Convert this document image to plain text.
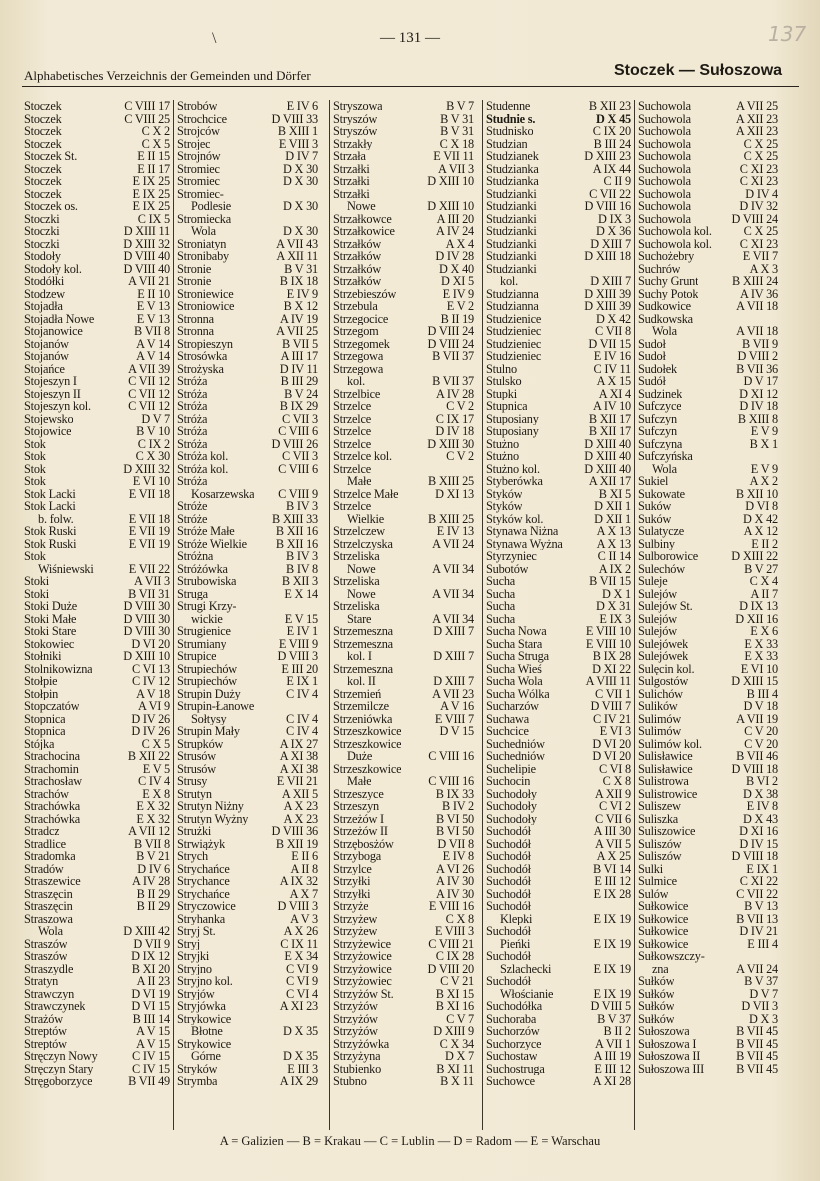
— 131 —
\	137
Alphabetisches Verzeichnis der Gemeinden und Dörfer	Stoczek — Sułoszowa
Stoczek	C VIII 17
Stoczek	C VIII 25
Stoczek	C X 2
Stoczek	C X 5
Stoczek St.	E II 15
Stoczek	E II 17
Stoczek	E IX 25
Stoczek	E IX 25
Stoczek os.	E IX 25
Stoczki	C IX 5
Stoczki	D XIII 11
Stoczki	D XIII 32
Stodoły	D VIII 40
Stodoły kol.	D VIII 40
Stodółki	A VII 21
Stodzew	E II 10
Stojadła	E V 13
Stojadła Nowe	E V 13
Stojanowice	B VII 8
Stojanów	A V 14
Stojanów	A V 14
Stojańce	A VII 39
Stojeszyn I	C VII 12
Stojeszyn II	C VII 12
Stojeszyn kol.	C VII 12
Stojewsko	D V 7
Stojowice	B V 10
Stok	C IX 2
Stok	C X 30
Stok	D XIII 32
Stok	E VI 10
Stok Lacki	E VII 18
Stok Lacki
b. folw.	E VII 18
Stok Ruski	E VII 19
Stok Ruski	E VII 19
Stok
Wiśniewski	E VII 22
Stoki	A VII 3
Stoki	B VII 31
Stoki Duże	D VIII 30
Stoki Małe	D VIII 30
Stoki Stare	D VIII 30
Stokowiec	D VI 20
Stołniki	D XIII 10
Stolnikowizna	C VI 13
Stołpie	C IV 12
Stołpin	A V 18
Stopczatów	A VI 9
Stopnica	D IV 26
Stopnica	D IV 26
Stójka	C X 5
Strachocina	B XII 22
Strachomin	E V 5
Strachosław	C IV 4
Strachów	E X 8
Strachówka	E X 32
Strachówka	E X 32
Stradcz	A VII 12
Stradlice	B VII 8
Stradomka	B V 21
Stradów	D IV 6
Straszewice	A IV 28
Straszęcin	B II 29
Straszęcin	B II 29
Straszowa
Wola	D XIII 42
Straszów	D VII 9
Straszów	D IX 12
Straszydle	B XI 20
Stratyn	A II 23
Strawczyn	D VI 19
Strawczynek	D VI 15
Strażów	B III 14
Streptów	A V 15
Streptów	A V 15
Stręczyn Nowy	C IV 15
Stręczyn Stary	C IV 15
Stręgoborzyce	B VII 49
Strobów	E IV 6
Strochcice	D VIII 33
Strojców	B XIII 1
Strojec	E VIII 3
Strojnów	D IV 7
Stromiec	D X 30
Stromiec	D X 30
Stromiec-
Podlesie	D X 30
Stromiecka
Wola	D X 30
Stroniatyn	A VII 43
Stronibaby	A XII 11
Stronie	B V 31
Stronie	B IX 18
Stroniewice	E IV 9
Stroniowice	B X 12
Stronna	A IV 19
Stronna	A VII 25
Stropieszyn	B VII 5
Strosówka	A III 17
Strożyska	D IV 11
Stróża	B III 29
Stróża	B V 24
Stróża	B IX 29
Stróża	C VII 3
Stróża	C VIII 6
Stróża	D VIII 26
Stróża kol.	C VII 3
Stróża kol.	C VIII 6
Stróża
Kosarzewska C VIII 9
Stróże	B IV 3
Stróże	B XIII 33
Stróże Małe	B XII 16
Stróże Wielkie B XII 16
Stróżna	B IV 3
Stróżówka	B IV 8
Strubowiska	B XII 3
Struga	E X 14
Strugi Krzy-
wickie	E V 15
Strugienice	E IV 1
Strumiany	E VIII 9
Strupice	D VIII 3
Strupiechów	E III 20
Strupiechów	E IX 1
Strupin Duży	C IV 4
Strupin-Łanowe
Sołtysy	C IV 4
Strupin Mały	C IV 4
Strupków	A IX 27
Strusów	A XI 38
Strusów	A XI 38
Strusy	E VII 21
Strutyn	A XII 5
Strutyn Niżny	A X 23
Strutyn Wyżny	A X 23
Strużki	D VIII 36
Strwiążyk	B XII 19
Strych	E II 6
Strychańce	A II 8
Strychance	A IX 32
Strychańce	A X 7
Stryczowice	D VIII 3
Stryhanka	A V 3
Stryj St.	A X 26
Stryj	C IX 11
Stryjki	E X 34
Stryjno	C VI 9
Stryjno kol.	C VI 9
Stryjów	C VI 4
Stryjówka	A XI 23
Strykowice
Błotne	D X 35
Strykowice
Górne	D X 35
Stryków	E III 3
Strymba	A IX 29
Stryszowa	B V 7
Stryszów	B V 31
Stryszów	B V 31
Strzakły	C X 18
Strzała	E VII 11
Strzałki	A VII 3
Strzałki	D XIII 10
Strzałki
Nowe	D XIII 10
Strzałkowce	A III 20
Strzałkowice	A IV 24
Strzałków	A X 4
Strzałków	D IV 28
Strzałków	D X 40
Strzałków	D XI 5
Strzebieszów	E IV 9
Strzebula	E V 2
Strzegocice	B II 19
Strzegom	D VIII 24
Strzegomek	D VIII 24
Strzegowa	B VII 37
Strzegowa
kol.	B VII 37
Strzelbice	A IV 28
Strzelce	C V 2
Strzelce	C IX 17
Strzelce	D IV 18
Strzelce	D XIII 30
Strzelce kol.	C V 2
Strzelce
Małe	B XIII 25
Strzelce Małe	D XI 13
Strzelce
Wielkie	B XIII 25
Strzelczew	E IV 13
Strzelczyska	A VII 24
Strzeliska
Nowe	A VII 34
Strzeliska
Nowe	A VII 34
Strzeliska
Stare	A VII 34
Strzemeszna	D XIII 7
Strzemeszna
kol. I	D XIII 7
Strzemeszna
kol. II	D XIII 7
Strzemień	A VII 23
Strzemilcze	A V 16
Strzeniówka	E VIII 7
Strzeszkowice	D V 15
Strzeszkowice
Duże	C VIII 16
Strzeszkowice
Małe	C VIII 16
Strzeszyce	B IX 33
Strzeszyn	B IV 2
Strzeżów I	B VI 50
Strzeżów II	B VI 50
Strzębosżów	D VII 8
Strzyboga	E IV 8
Strzylce	A VI 26
Strzyłki	A IV 30
Strzyłki	A IV 30
Strzyże	E VIII 16
Strzyżew	C X 8
Strzyżew	E VIII 3
Strzyżewice	C VIII 21
Strzyżowice	C IX 28
Strzyżowice	D VIII 20
Strzyżowiec	C V 21
Strzyżów St.	B XI 15
Strzyżów	B XI 16
Strzyżów	C V 7
Strzyżów	D XIII 9
Strzyżówka	C X 34
Strzyżyna	D X 7
Stubienko	B XI 11
Stubno	B X 11
Studenne	B XII 23
Studnie s.	D X 45
Studnisko	C IX 20
Studzian	B III 24
Studzianek	D XIII 23
Studzianka	A IX 44
Studzianka	C II 9
Studzianki	C VII 22
Studzianki	D VIII 16
Studzianki	D IX 3
Studzianki	D X 36
Studzianki	D XIII 7
Studzianki	D XIII 18
Studzianki
kol.	D XIII 7
Studzianna	D XIII 39
Studzianna	D XIII 39
Studzienice	D X 42
Studzieniec	C VII 8
Studzieniec	D VII 15
Studzieniec	E IV 16
Stulno	C IV 11
Stulsko	A X 15
Stupki	A XI 4
Stupnica	A IV 10
Stuposiany	B XII 17
Stuposiany	B XII 17
Stużno	D XIII 40
Stużno	D XIII 40
Stużno kol.	D XIII 40
Styberówka	A XII 17
Styków	B XI 5
Styków	D XII 1
Styków kol.	D XII 1
Stynawa Niżna	A X 13
Stynawa Wyżna	A X 13
Styrzyniec	C II 14
Subotów	A IX 2
Sucha	B VII 15
Sucha	D X 1
Sucha	D X 31
Sucha	E IX 3
Sucha Nowa	E VIII 10
Sucha Stara	E VIII 10
Sucha Struga	B IX 28
Sucha Wieś	D XI 22
Sucha Wola	A VIII 11
Sucha Wólka	C VII 1
Sucharzów	D VIII 7
Suchawa	C IV 21
Suchcice	E VI 3
Suchedniów	D VI 20
Suchedniów	D VI 20
Suchelipie	C VI 8
Suchocin	C X 8
Suchodoły	A XII 9
Suchodoły	C VI 2
Suchodoły	C VII 6
Suchodół	A III 30
Suchodół	A VII 5
Suchodół	A X 25
Suchodół	B VI 14
Suchodół	E III 12
Suchodół	E IX 28
Suchodół
Klepki	E IX 19
Suchodół
Pieńki	E IX 19
Suchodół
Szlachecki	E IX 19
Suchodół
Włościanie	E IX 19
Suchodółka	D VIII 5
Suchoraba	B V 37
Suchorzów	B II 2
Suchorzyce	A VII 1
Suchostaw	A III 19
Suchostruga	E III 12
Suchowce	A XI 28
Suchowola	A VII 25
Suchowola	A XII 23
Suchowola	A XII 23
Suchowola	C X 25
Suchowola	C X 25
Suchowola	C XI 23
Suchowola	C XI 23
Suchowola	D IV 4
Suchowola	D IV 32
Suchowola	D VIII 24
Suchowola kol.	C X 25
Suchowola kol. C XI 23
Suchożebry	E VII 7
Suchrów	A X 3
Suchy Grunt	B XIII 24
Suchy Potok	A IV 36
Sudkowice	A VII 18
Sudkowska
Wola	A VII 18
Sudoł	B VII 9
Sudoł	D VIII 2
Sudołek	B VII 36
Sudół	D V 17
Sudzinek	D XI 12
Sufczyce	D IV 18
Sufczyn	B XIII 8
Sufczyn	E V 9
Sufczyna	B X 1
Sufczyńska
Wola	E V 9
Sukiel	A X 2
Sukowate	B XII 10
Suków	D VI 8
Suków	D X 42
Sulatycze	A X 12
Sulbiny	E II 2
Sulborowice	D XIII 22
Sulechów	B V 27
Suleje	C X 4
Sulejów	A II 7
Sulejów St.	D IX 13
Sulejów	D XII 16
Sulejów	E X 6
Sulejówek	E X 33
Sulejówek	E X 33
Sulęcin kol.	E VI 10
Sulgostów	D XIII 15
Sulichów	B III 4
Sulików	D V 18
Sulimów	A VII 19
Sulimów	C V 20
Sulimów kol.	C V 20
Sulisławice	B VII 46
Sulisławice	D VIII 18
Sulistrowa	B VI 2
Sulistrowice	D X 38
Suliszew	E IV 8
Suliszka	D X 43
Suliszowice	D XI 16
Suliszów	D IV 15
Suliszów	D VIII 18
Sulki	E IX 1
Sulmice	C XI 22
Sulów	C VII 22
Sułkowice	B V 13
Sułkowice	B VII 13
Sułkowice	D IV 21
Sułkowice	E III 4
Sułkowszczy-
zna	A VII 24
Sułków	B V 37
Sułków	D V 7
Sułków	D VII 3
Sułków	D X 3
Sułoszowa	B VII 45
Sułoszowa I	B VII 45
Sułoszowa II	B VII 45
Sułoszowa III	B VII 45
A = Galizien — B = Krakau — C = Lublin — D = Radom — E = Warschau
